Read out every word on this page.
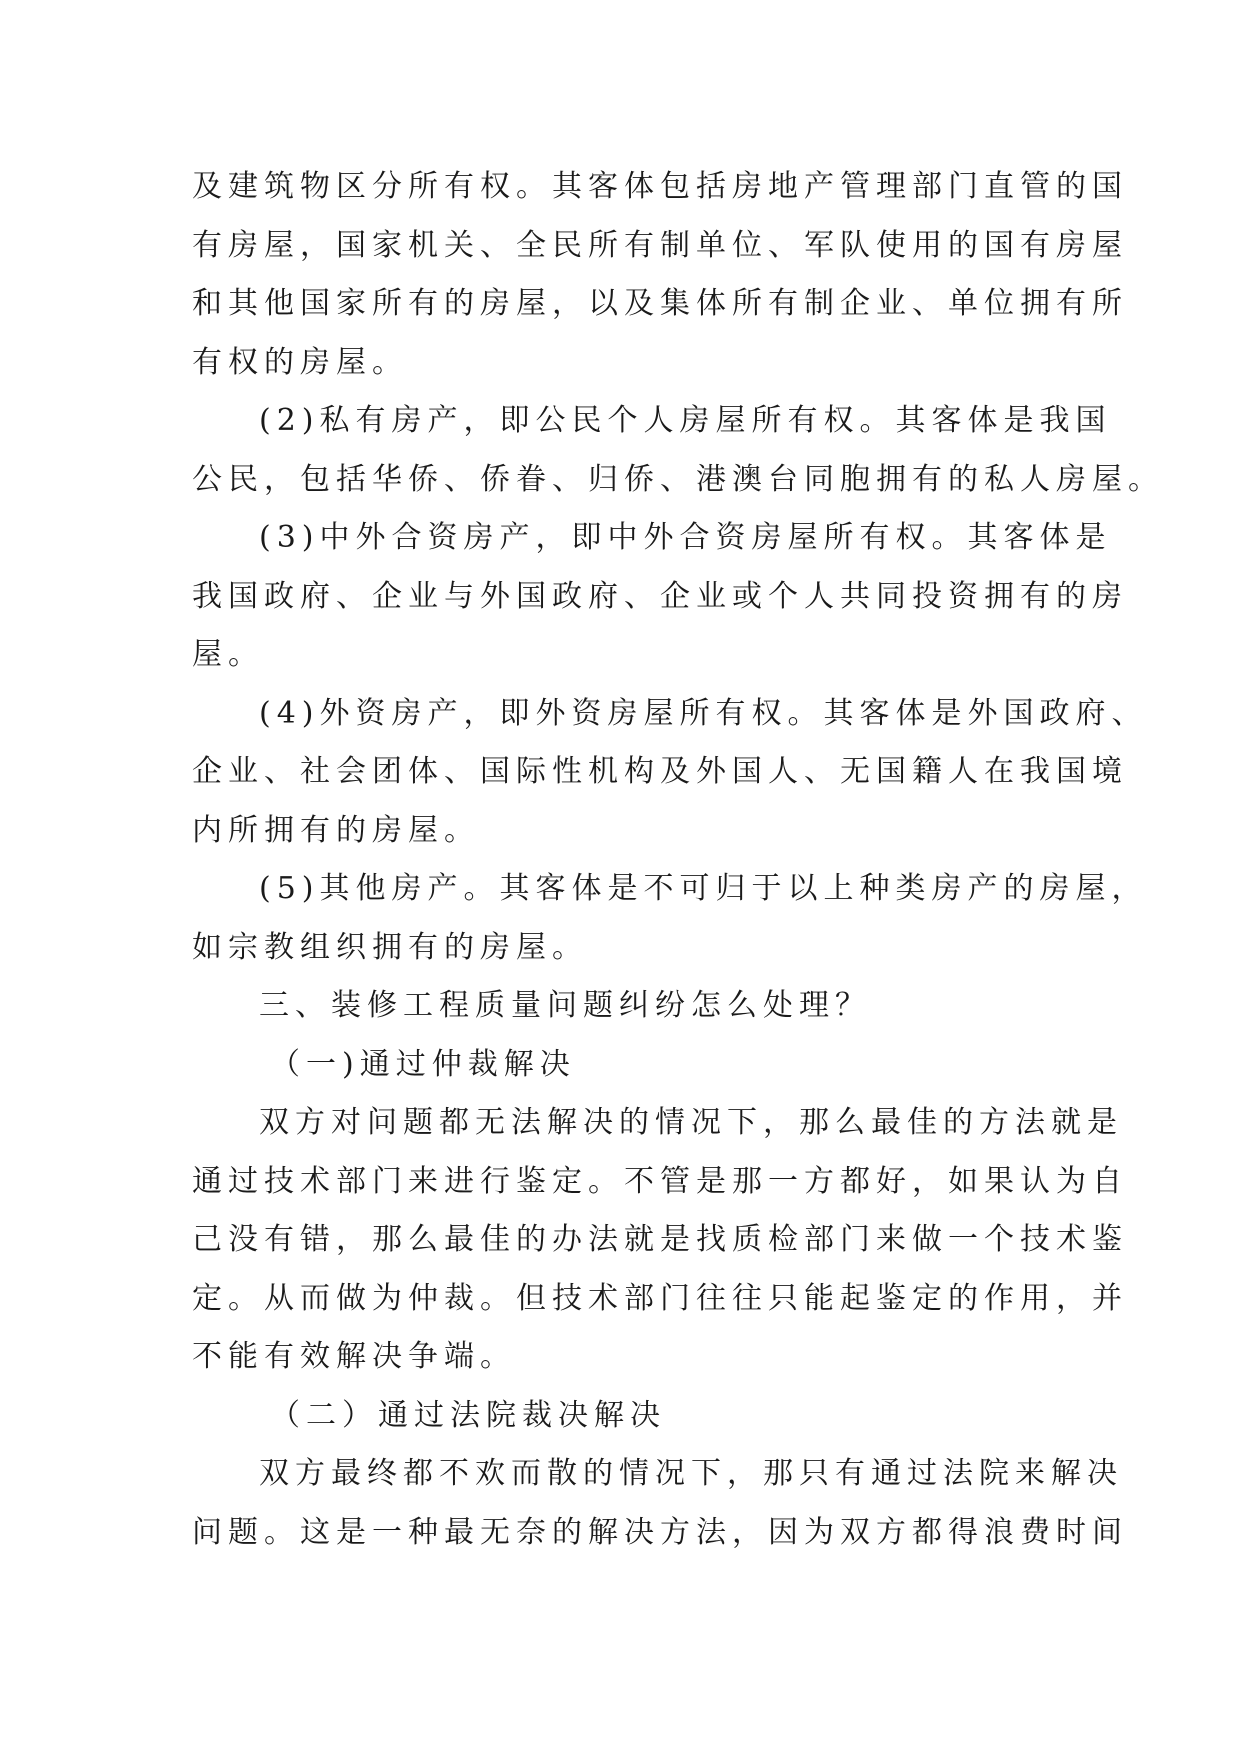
及建筑物区分所有权。其客体包括房地产管理部门直管的国
有房屋，国家机关、全民所有制单位、军队使用的国有房屋
和其他国家所有的房屋，以及集体所有制企业、单位拥有所
有权的房屋。
(2)私有房产，即公民个人房屋所有权。其客体是我国
公民，包括华侨、侨眷、归侨、港澳台同胞拥有的私人房屋。
(3)中外合资房产，即中外合资房屋所有权。其客体是
我国政府、企业与外国政府、企业或个人共同投资拥有的房
屋。
(4)外资房产，即外资房屋所有权。其客体是外国政府、
企业、社会团体、国际性机构及外国人、无国籍人在我国境
内所拥有的房屋。
(5)其他房产。其客体是不可归于以上种类房产的房屋，
如宗教组织拥有的房屋。
三、装修工程质量问题纠纷怎么处理？
（一)通过仲裁解决
双方对问题都无法解决的情况下，那么最佳的方法就是
通过技术部门来进行鉴定。不管是那一方都好，如果认为自
己没有错，那么最佳的办法就是找质检部门来做一个技术鉴
定。从而做为仲裁。但技术部门往往只能起鉴定的作用，并
不能有效解决争端。
（二）通过法院裁决解决
双方最终都不欢而散的情况下，那只有通过法院来解决
问题。这是一种最无奈的解决方法，因为双方都得浪费时间
